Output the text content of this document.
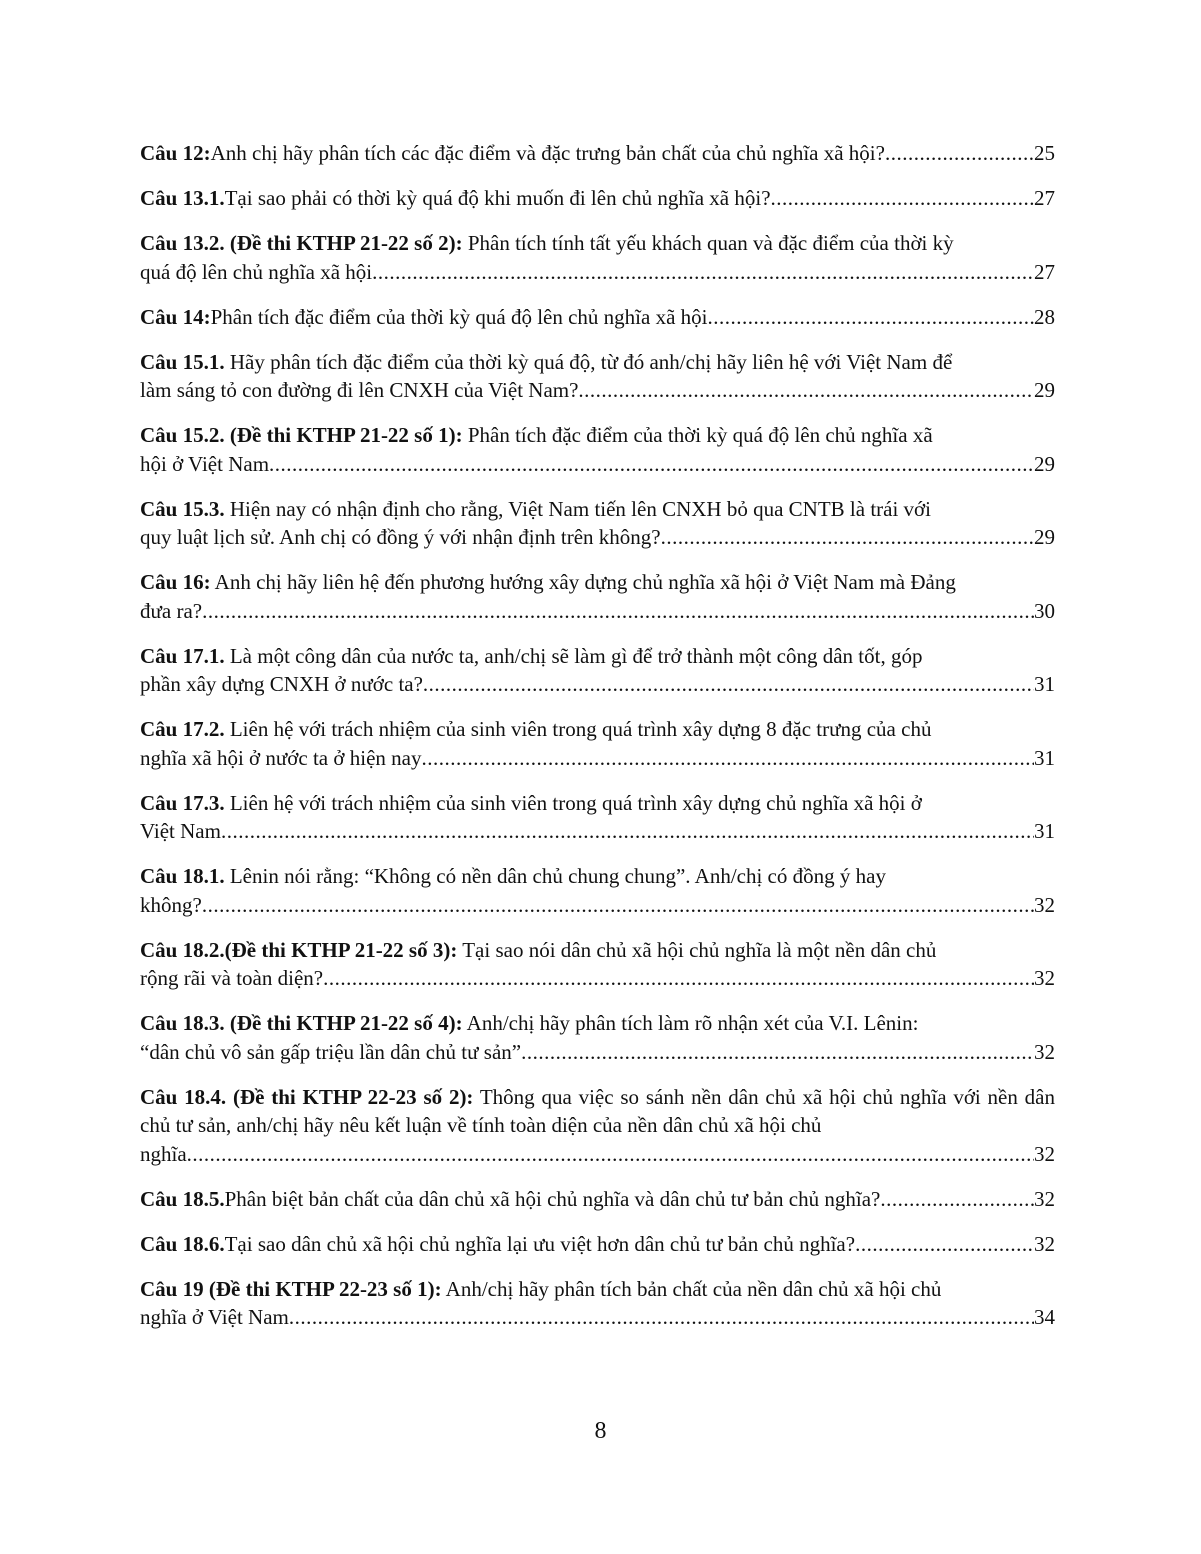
Câu 12: Anh chị hãy phân tích các đặc điểm và đặc trưng bản chất của chủ nghĩa xã hội? .....	25
Câu 13.1. Tại sao phải có thời kỳ quá độ khi muốn đi lên chủ nghĩa xã hội? .....	27
Câu 13.2. (Đề thi KTHP 21-22 số 2): Phân tích tính tất yếu khách quan và đặc điểm của thời kỳ
quá độ lên chủ nghĩa xã hội .....	27
Câu 14: Phân tích đặc điểm của thời kỳ quá độ lên chủ nghĩa xã hội .....	28
Câu 15.1. Hãy phân tích đặc điểm của thời kỳ quá độ, từ đó anh/chị hãy liên hệ với Việt Nam để
làm sáng tỏ con đường đi lên CNXH của Việt Nam? .....	29
Câu 15.2. (Đề thi KTHP 21-22 số 1): Phân tích đặc điểm của thời kỳ quá độ lên chủ nghĩa xã
hội ở Việt Nam .....	29
Câu 15.3. Hiện nay có nhận định cho rằng, Việt Nam tiến lên CNXH bỏ qua CNTB là trái với
quy luật lịch sử. Anh chị có đồng ý với nhận định trên không? .....	29
Câu 16: Anh chị hãy liên hệ đến phương hướng xây dựng chủ nghĩa xã hội ở Việt Nam mà Đảng
đưa ra? .....	30
Câu 17.1. Là một công dân của nước ta, anh/chị sẽ làm gì để trở thành một công dân tốt, góp
phần xây dựng CNXH ở nước ta? .....	31
Câu 17.2. Liên hệ với trách nhiệm của sinh viên trong quá trình xây dựng 8 đặc trưng của chủ
nghĩa xã hội ở nước ta ở hiện nay .....	31
Câu 17.3. Liên hệ với trách nhiệm của sinh viên trong quá trình xây dựng chủ nghĩa xã hội ở
Việt Nam .....	31
Câu 18.1. Lênin nói rằng: “Không có nền dân chủ chung chung”. Anh/chị có đồng ý hay
không? .....	32
Câu 18.2.(Đề thi KTHP 21-22 số 3): Tại sao nói dân chủ xã hội chủ nghĩa là một nền dân chủ
rộng rãi và toàn diện? .....	32
Câu 18.3. (Đề thi KTHP 21-22 số 4): Anh/chị hãy phân tích làm rõ nhận xét của V.I. Lênin:
“dân chủ vô sản gấp triệu lần dân chủ tư sản” .....	32
Câu 18.4. (Đề thi KTHP 22-23 số 2): Thông qua việc so sánh nền dân chủ xã hội chủ nghĩa với nền dân chủ tư sản, anh/chị hãy nêu kết luận về tính toàn diện của nền dân chủ xã hội chủ
nghĩa .....	32
Câu 18.5. Phân biệt bản chất của dân chủ xã hội chủ nghĩa và dân chủ tư bản chủ nghĩa? .....	32
Câu 18.6. Tại sao dân chủ xã hội chủ nghĩa lại ưu việt hơn dân chủ tư bản chủ nghĩa? .....	32
Câu 19 (Đề thi KTHP 22-23 số 1): Anh/chị hãy phân tích bản chất của nền dân chủ xã hội chủ
nghĩa ở Việt Nam .....	34
8
